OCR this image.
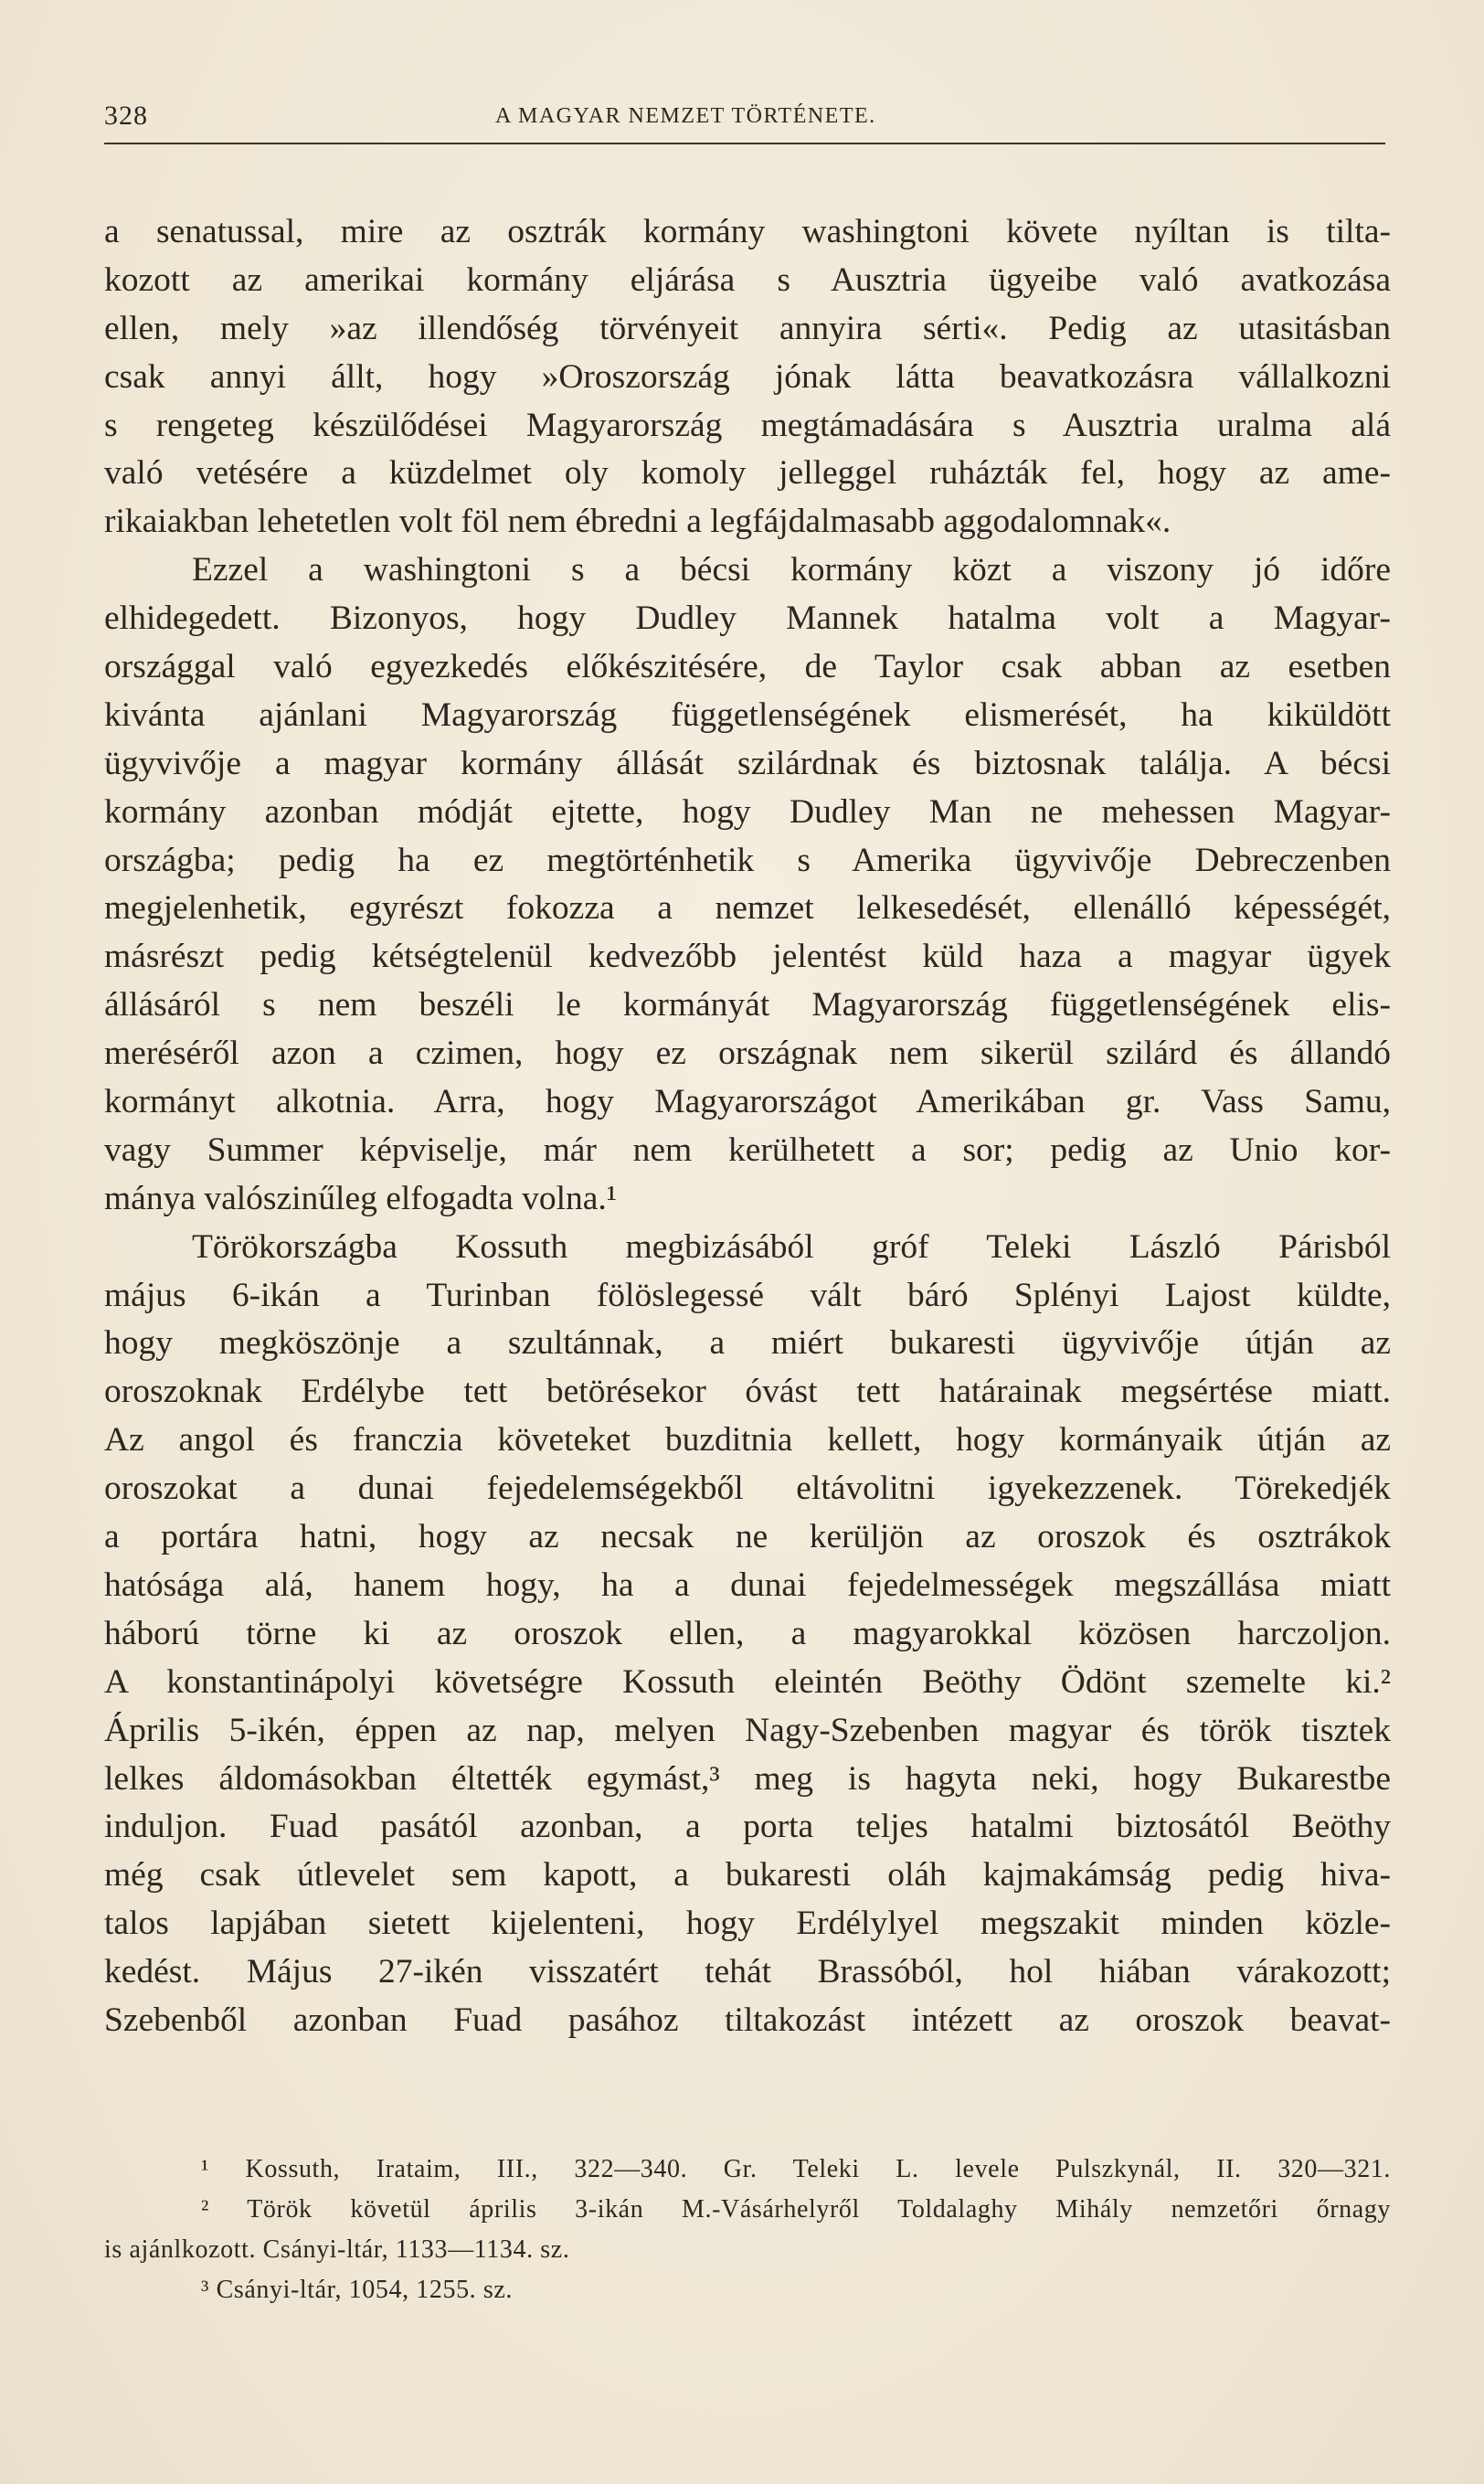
328	A MAGYAR NEMZET TÖRTÉNETE.
a senatussal, mire az osztrák kormány washingtoni követe nyíltan is tilta-
kozott az amerikai kormány eljárása s Ausztria ügyeibe való avatkozása
ellen, mely »az illendőség törvényeit annyira sérti«. Pedig az utasitásban
csak annyi állt, hogy »Oroszország jónak látta beavatkozásra vállalkozni
s rengeteg készülődései Magyarország megtámadására s Ausztria uralma alá
való vetésére a küzdelmet oly komoly jelleggel ruházták fel, hogy az ame-
rikaiakban lehetetlen volt föl nem ébredni a legfájdalmasabb aggodalomnak«.
Ezzel a washingtoni s a bécsi kormány közt a viszony jó időre
elhidegedett. Bizonyos, hogy Dudley Mannek hatalma volt a Magyar-
országgal való egyezkedés előkészitésére, de Taylor csak abban az esetben
kivánta ajánlani Magyarország függetlenségének elismerését, ha kiküldött
ügyvivője a magyar kormány állását szilárdnak és biztosnak találja. A bécsi
kormány azonban módját ejtette, hogy Dudley Man ne mehessen Magyar-
országba; pedig ha ez megtörténhetik s Amerika ügyvivője Debreczenben
megjelenhetik, egyrészt fokozza a nemzet lelkesedését, ellenálló képességét,
másrészt pedig kétségtelenül kedvezőbb jelentést küld haza a magyar ügyek
állásáról s nem beszéli le kormányát Magyarország függetlenségének elis-
meréséről azon a czimen, hogy ez országnak nem sikerül szilárd és állandó
kormányt alkotnia. Arra, hogy Magyarországot Amerikában gr. Vass Samu,
vagy Summer képviselje, már nem kerülhetett a sor; pedig az Unio kor-
mánya valószinűleg elfogadta volna.¹
Törökországba Kossuth megbizásából gróf Teleki László Párisból
május 6-ikán a Turinban fölöslegessé vált báró Splényi Lajost küldte,
hogy megköszönje a szultánnak, a miért bukaresti ügyvivője útján az
oroszoknak Erdélybe tett betörésekor óvást tett határainak megsértése miatt.
Az angol és franczia követeket buzditnia kellett, hogy kormányaik útján az
oroszokat a dunai fejedelemségekből eltávolitni igyekezzenek. Törekedjék
a portára hatni, hogy az necsak ne kerüljön az oroszok és osztrákok
hatósága alá, hanem hogy, ha a dunai fejedelmességek megszállása miatt
háború törne ki az oroszok ellen, a magyarokkal közösen harczoljon.
A konstantinápolyi követségre Kossuth eleintén Beöthy Ödönt szemelte ki.²
Április 5-ikén, éppen az nap, melyen Nagy-Szebenben magyar és török tisztek
lelkes áldomásokban éltették egymást,³ meg is hagyta neki, hogy Bukarestbe
induljon. Fuad pasától azonban, a porta teljes hatalmi biztosától Beöthy
még csak útlevelet sem kapott, a bukaresti oláh kajmakámság pedig hiva-
talos lapjában sietett kijelenteni, hogy Erdélylyel megszakit minden közle-
kedést. Május 27-ikén visszatért tehát Brassóból, hol hiában várakozott;
Szebenből azonban Fuad pasához tiltakozást intézett az oroszok beavat-
¹ Kossuth, Irataim, III., 322—340. Gr. Teleki L. levele Pulszkynál, II. 320—321.
² Török követül április 3-ikán M.-Vásárhelyről Toldalaghy Mihály nemzetőri őrnagy
is ajánlkozott. Csányi-ltár, 1133—1134. sz.
³ Csányi-ltár, 1054, 1255. sz.
